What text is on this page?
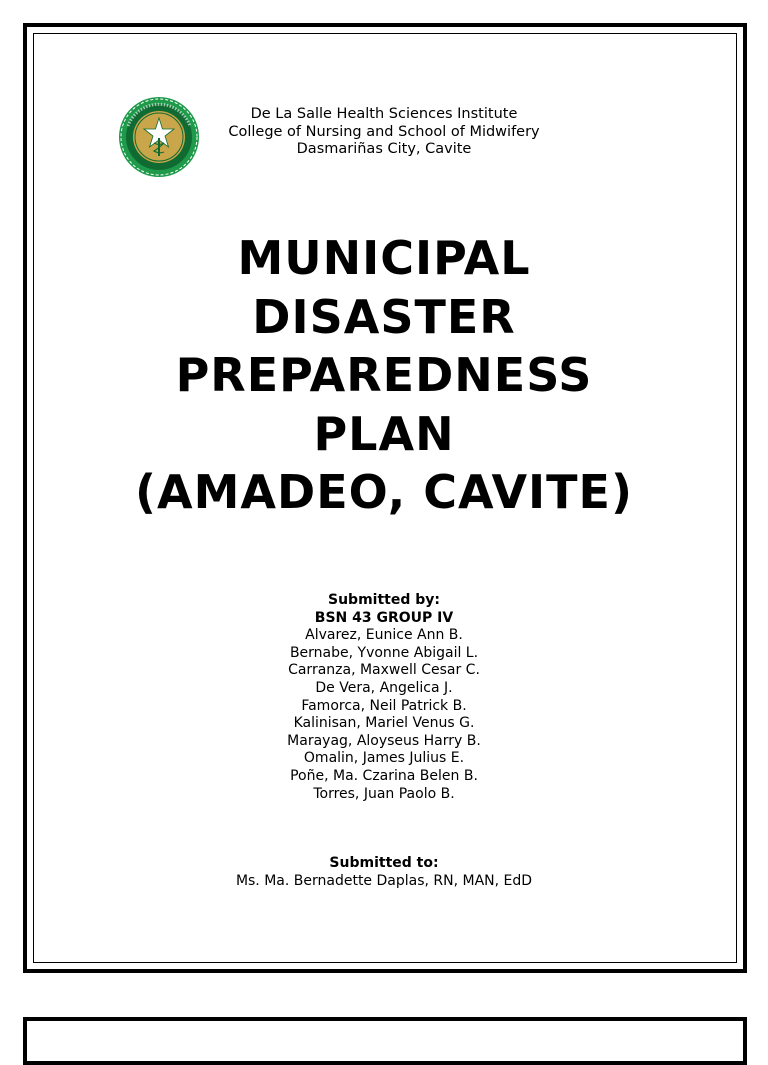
De La Salle Health Sciences Institute
College of Nursing and School of Midwifery
Dasmariñas City, Cavite
MUNICIPAL
DISASTER
PREPAREDNESS
PLAN
(AMADEO, CAVITE)
Submitted by:
BSN 43 GROUP IV
Alvarez, Eunice Ann B.
Bernabe, Yvonne Abigail L.
Carranza, Maxwell Cesar C.
De Vera, Angelica J.
Famorca, Neil Patrick B.
Kalinisan, Mariel Venus G.
Marayag, Aloyseus Harry B.
Omalin, James Julius E.
Poñe, Ma. Czarina Belen B.
Torres, Juan Paolo B.
Submitted to:
Ms. Ma. Bernadette Daplas, RN, MAN, EdD
